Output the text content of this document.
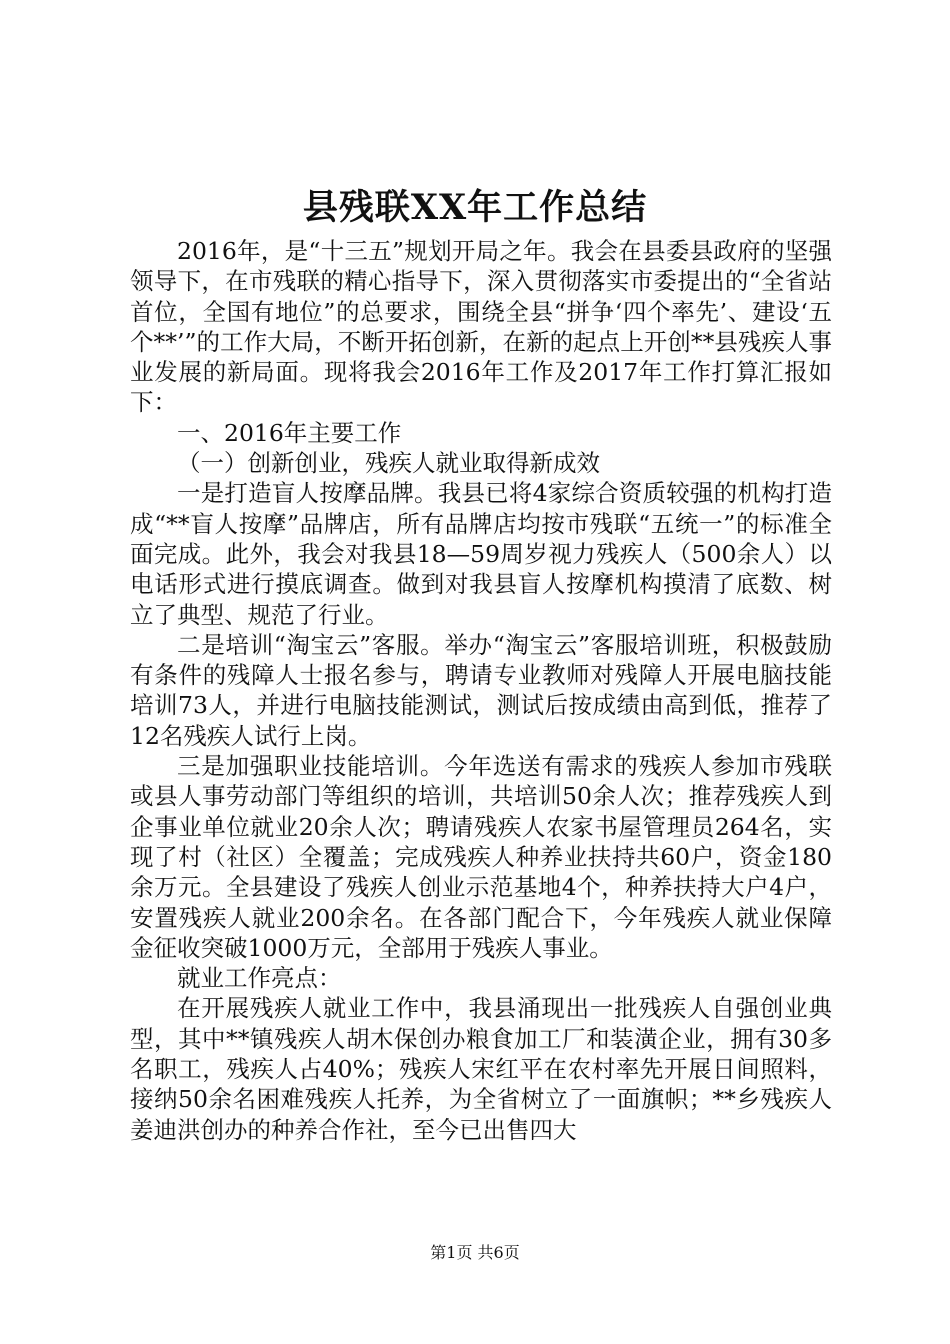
县残联XX年工作总结

2016年，是“十三五”规划开局之年。我会在县委县政府的坚强领导下，在市残联的精心指导下，深入贯彻落实市委提出的“全省站首位，全国有地位”的总要求，围绕全县“拼争‘四个率先’、建设‘五个**’”的工作大局，不断开拓创新，在新的起点上开创**县残疾人事业发展的新局面。现将我会2016年工作及2017年工作打算汇报如下：

一、2016年主要工作

（一）创新创业，残疾人就业取得新成效

一是打造盲人按摩品牌。我县已将4家综合资质较强的机构打造成“**盲人按摩”品牌店，所有品牌店均按市残联“五统一”的标准全面完成。此外，我会对我县18—59周岁视力残疾人（500余人）以电话形式进行摸底调查。做到对我县盲人按摩机构摸清了底数、树立了典型、规范了行业。

二是培训“淘宝云”客服。举办“淘宝云”客服培训班，积极鼓励有条件的残障人士报名参与，聘请专业教师对残障人开展电脑技能培训73人，并进行电脑技能测试，测试后按成绩由高到低，推荐了12名残疾人试行上岗。

三是加强职业技能培训。今年选送有需求的残疾人参加市残联或县人事劳动部门等组织的培训，共培训50余人次；推荐残疾人到企事业单位就业20余人次；聘请残疾人农家书屋管理员264名，实现了村（社区）全覆盖；完成残疾人种养业扶持共60户，资金180余万元。全县建设了残疾人创业示范基地4个，种养扶持大户4户，安置残疾人就业200余名。在各部门配合下，今年残疾人就业保障金征收突破1000万元，全部用于残疾人事业。

就业工作亮点：

在开展残疾人就业工作中，我县涌现出一批残疾人自强创业典型，其中**镇残疾人胡木保创办粮食加工厂和装潢企业，拥有30多名职工，残疾人占40%；残疾人宋红平在农村率先开展日间照料，接纳50余名困难残疾人托养，为全省树立了一面旗帜；**乡残疾人姜迪洪创办的种养合作社，至今已出售四大

第1页 共6页
